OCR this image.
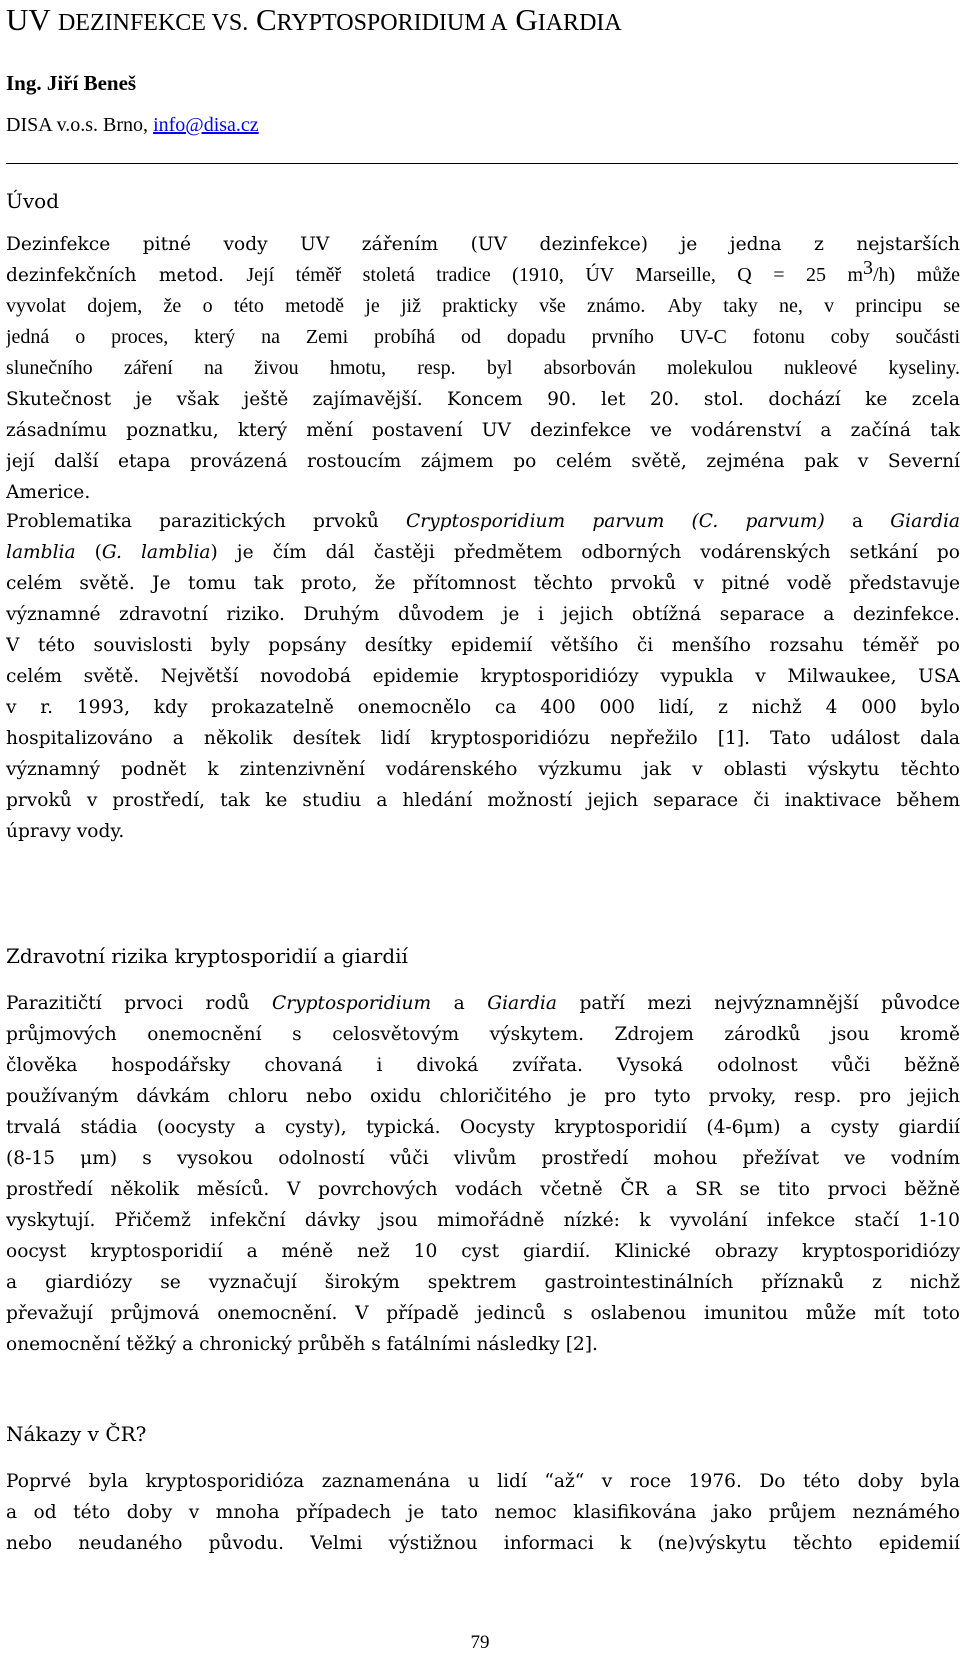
UV DEZINFEKCE VS. CRYPTOSPORIDIUM A GIARDIA
Ing. Jiří Beneš
DISA v.o.s. Brno, info@disa.cz
Úvod
Dezinfekce pitné vody UV zářením (UV dezinfekce) je jedna z nejstarších
dezinfekčních metod. Její téměř stoletá tradice (1910, ÚV Marseille, Q = 25 $m^3/h$) může
vyvolat dojem, že o této metodě je již prakticky vše známo. Aby taky ne, v principu se
jedná o proces, který na Zemi probíhá od dopadu prvního UV-C fotonu coby součásti
slunečního záření na živou hmotu, resp. byl absorbován molekulou nukleové kyseliny.
Skutečnost je však ještě zajímavější. Koncem 90. let 20. stol. dochází ke zcela
zásadnímu poznatku, který mění postavení UV dezinfekce ve vodárenství a začíná tak
její další etapa provázená rostoucím zájmem po celém světě, zejména pak v Severní
Americe.
Problematika parazitických prvoků Cryptosporidium parvum (C. parvum) a Giardia
lamblia (G. lamblia) je čím dál častěji předmětem odborných vodárenských setkání po
celém světě. Je tomu tak proto, že přítomnost těchto prvoků v pitné vodě představuje
významné zdravotní riziko. Druhým důvodem je i jejich obtížná separace a dezinfekce.
V této souvislosti byly popsány desítky epidemií většího či menšího rozsahu téměř po
celém světě. Největší novodobá epidemie kryptosporidiózy vypukla v Milwaukee, USA
v r. 1993, kdy prokazatelně onemocnělo ca 400 000 lidí, z nichž 4 000 bylo
hospitalizováno a několik desítek lidí kryptosporidiózu nepřežilo [1]. Tato událost dala
významný podnět k zintenzivnění vodárenského výzkumu jak v oblasti výskytu těchto
prvoků v prostředí, tak ke studiu a hledání možností jejich separace či inaktivace během
úpravy vody.
Zdravotní rizika kryptosporidií a giardií
Parazitičtí prvoci rodů Cryptosporidium a Giardia patří mezi nejvýznamnější původce
průjmových onemocnění s celosvětovým výskytem. Zdrojem zárodků jsou kromě
člověka hospodářsky chovaná i divoká zvířata. Vysoká odolnost vůči běžně
používaným dávkám chloru nebo oxidu chloričitého je pro tyto prvoky, resp. pro jejich
trvalá stádia (oocysty a cysty), typická. Oocysty kryptosporidií (4-6μm) a cysty giardií
(8-15 μm) s vysokou odolností vůči vlivům prostředí mohou přežívat ve vodním
prostředí několik měsíců. V povrchových vodách včetně ČR a SR se tito prvoci běžně
vyskytují. Přičemž infekční dávky jsou mimořádně nízké: k vyvolání infekce stačí 1-10
oocyst kryptosporidií a méně než 10 cyst giardií. Klinické obrazy kryptosporidiózy
a giardiózy se vyznačují širokým spektrem gastrointestinálních příznaků z nichž
převažují průjmová onemocnění. V případě jedinců s oslabenou imunitou může mít toto
onemocnění těžký a chronický průběh s fatálními následky [2].
Nákazy v ČR?
Poprvé byla kryptosporidióza zaznamenána u lidí “až“ v roce 1976. Do této doby byla
a od této doby v mnoha případech je tato nemoc klasifikována jako průjem neznámého
nebo neudaného původu. Velmi výstižnou informaci k (ne)výskytu těchto epidemií
79
